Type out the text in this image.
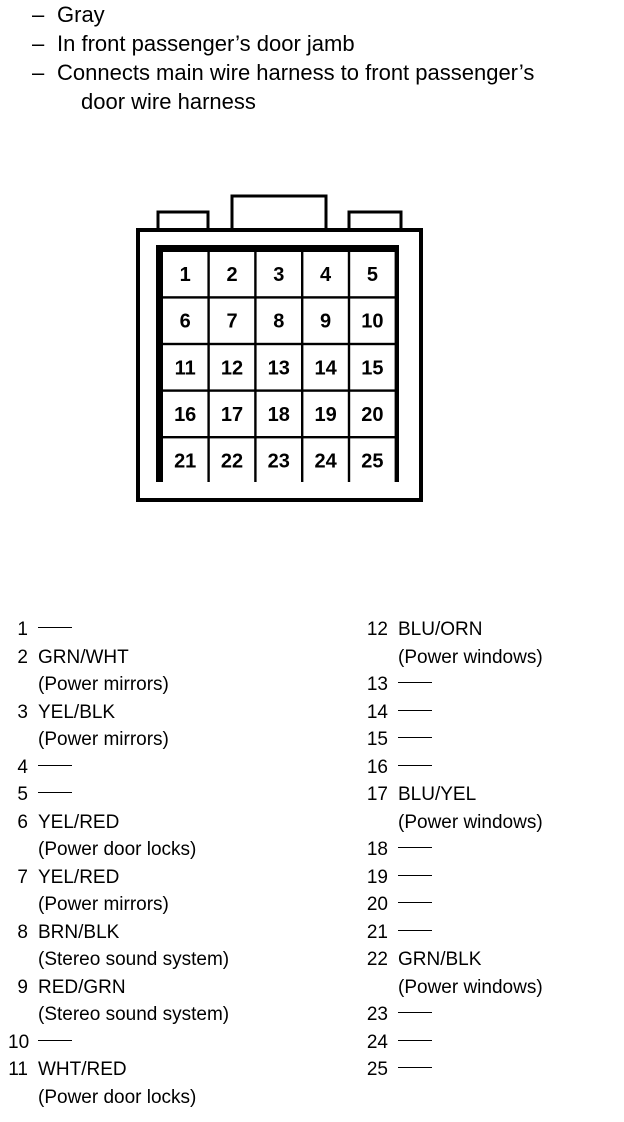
– Gray
– In front passenger’s door jamb
– Connects main wire harness to front passenger’s
door wire harness
1 2 3 4 5
6 7 8 9 10
11 12 13 14 15
16 17 18 19 20
21 22 23 24 25
1
2 GRN/WHT
(Power mirrors)
3 YEL/BLK
(Power mirrors)
4
5
6 YEL/RED
(Power door locks)
7 YEL/RED
(Power mirrors)
8 BRN/BLK
(Stereo sound system)
9 RED/GRN
(Stereo sound system)
10
11 WHT/RED
(Power door locks)
12 BLU/ORN
(Power windows)
13
14
15
16
17 BLU/YEL
(Power windows)
18
19
20
21
22 GRN/BLK
(Power windows)
23
24
25
